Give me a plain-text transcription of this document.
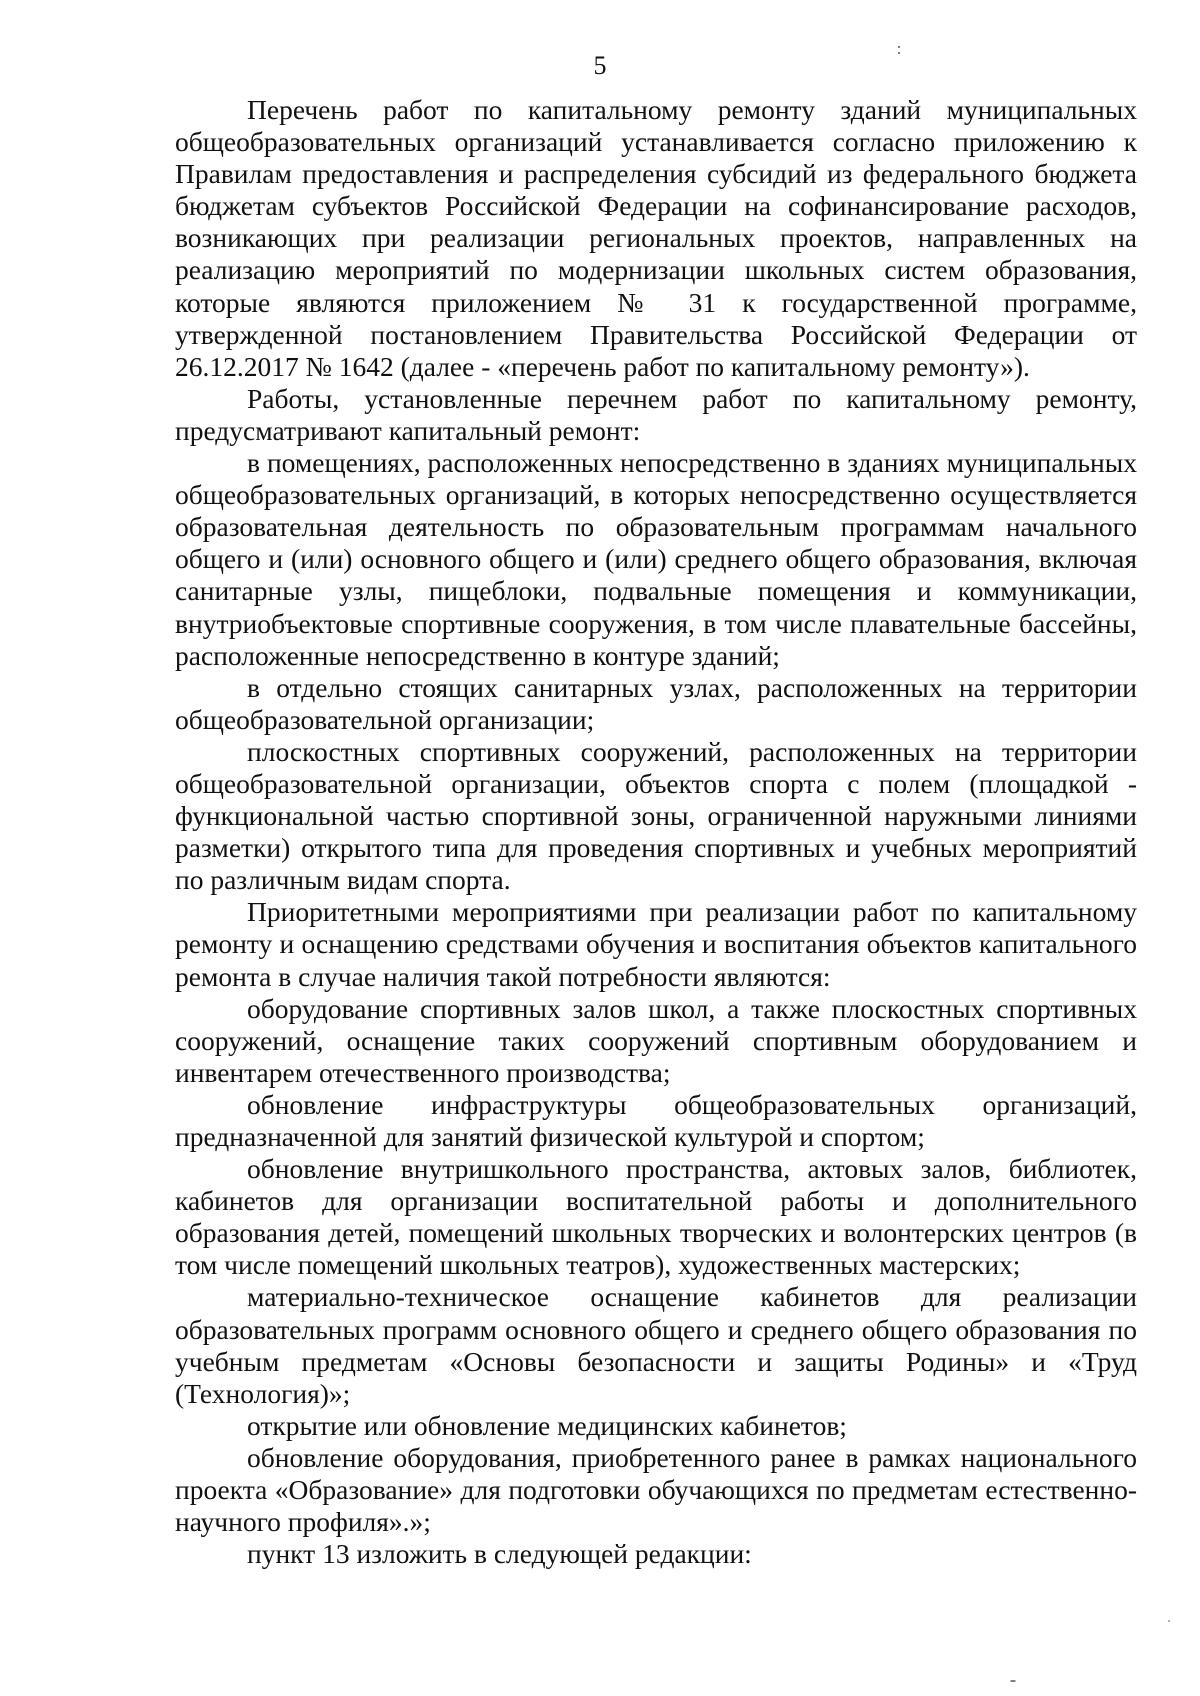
5

Перечень работ по капитальному ремонту зданий муниципальных общеобразовательных организаций устанавливается согласно приложению к Правилам предоставления и распределения субсидий из федерального бюджета бюджетам субъектов Российской Федерации на софинансирование расходов, возникающих при реализации региональных проектов, направленных на реализацию мероприятий по модернизации школьных систем образования, которые являются приложением № 31 к государственной программе, утвержденной постановлением Правительства Российской Федерации от 26.12.2017 № 1642 (далее - «перечень работ по капитальному ремонту»).

Работы, установленные перечнем работ по капитальному ремонту, предусматривают капитальный ремонт:

в помещениях, расположенных непосредственно в зданиях муниципальных общеобразовательных организаций, в которых непосредственно осуществляется образовательная деятельность по образовательным программам начального общего и (или) основного общего и (или) среднего общего образования, включая санитарные узлы, пищеблоки, подвальные помещения и коммуникации, внутриобъектовые спортивные сооружения, в том числе плавательные бассейны, расположенные непосредственно в контуре зданий;

в отдельно стоящих санитарных узлах, расположенных на территории общеобразовательной организации;

плоскостных спортивных сооружений, расположенных на территории общеобразовательной организации, объектов спорта с полем (площадкой - функциональной частью спортивной зоны, ограниченной наружными линиями разметки) открытого типа для проведения спортивных и учебных мероприятий по различным видам спорта.

Приоритетными мероприятиями при реализации работ по капитальному ремонту и оснащению средствами обучения и воспитания объектов капитального ремонта в случае наличия такой потребности являются:

оборудование спортивных залов школ, а также плоскостных спортивных сооружений, оснащение таких сооружений спортивным оборудованием и инвентарем отечественного производства;

обновление инфраструктуры общеобразовательных организаций, предназначенной для занятий физической культурой и спортом;

обновление внутришкольного пространства, актовых залов, библиотек, кабинетов для организации воспитательной работы и дополнительного образования детей, помещений школьных творческих и волонтерских центров (в том числе помещений школьных театров), художественных мастерских;

материально-техническое оснащение кабинетов для реализации образовательных программ основного общего и среднего общего образования по учебным предметам «Основы безопасности и защиты Родины» и «Труд (Технология)»;

открытие или обновление медицинских кабинетов;

обновление оборудования, приобретенного ранее в рамках национального проекта «Образование» для подготовки обучающихся по предметам естественно-научного профиля».»;

пункт 13 изложить в следующей редакции:
